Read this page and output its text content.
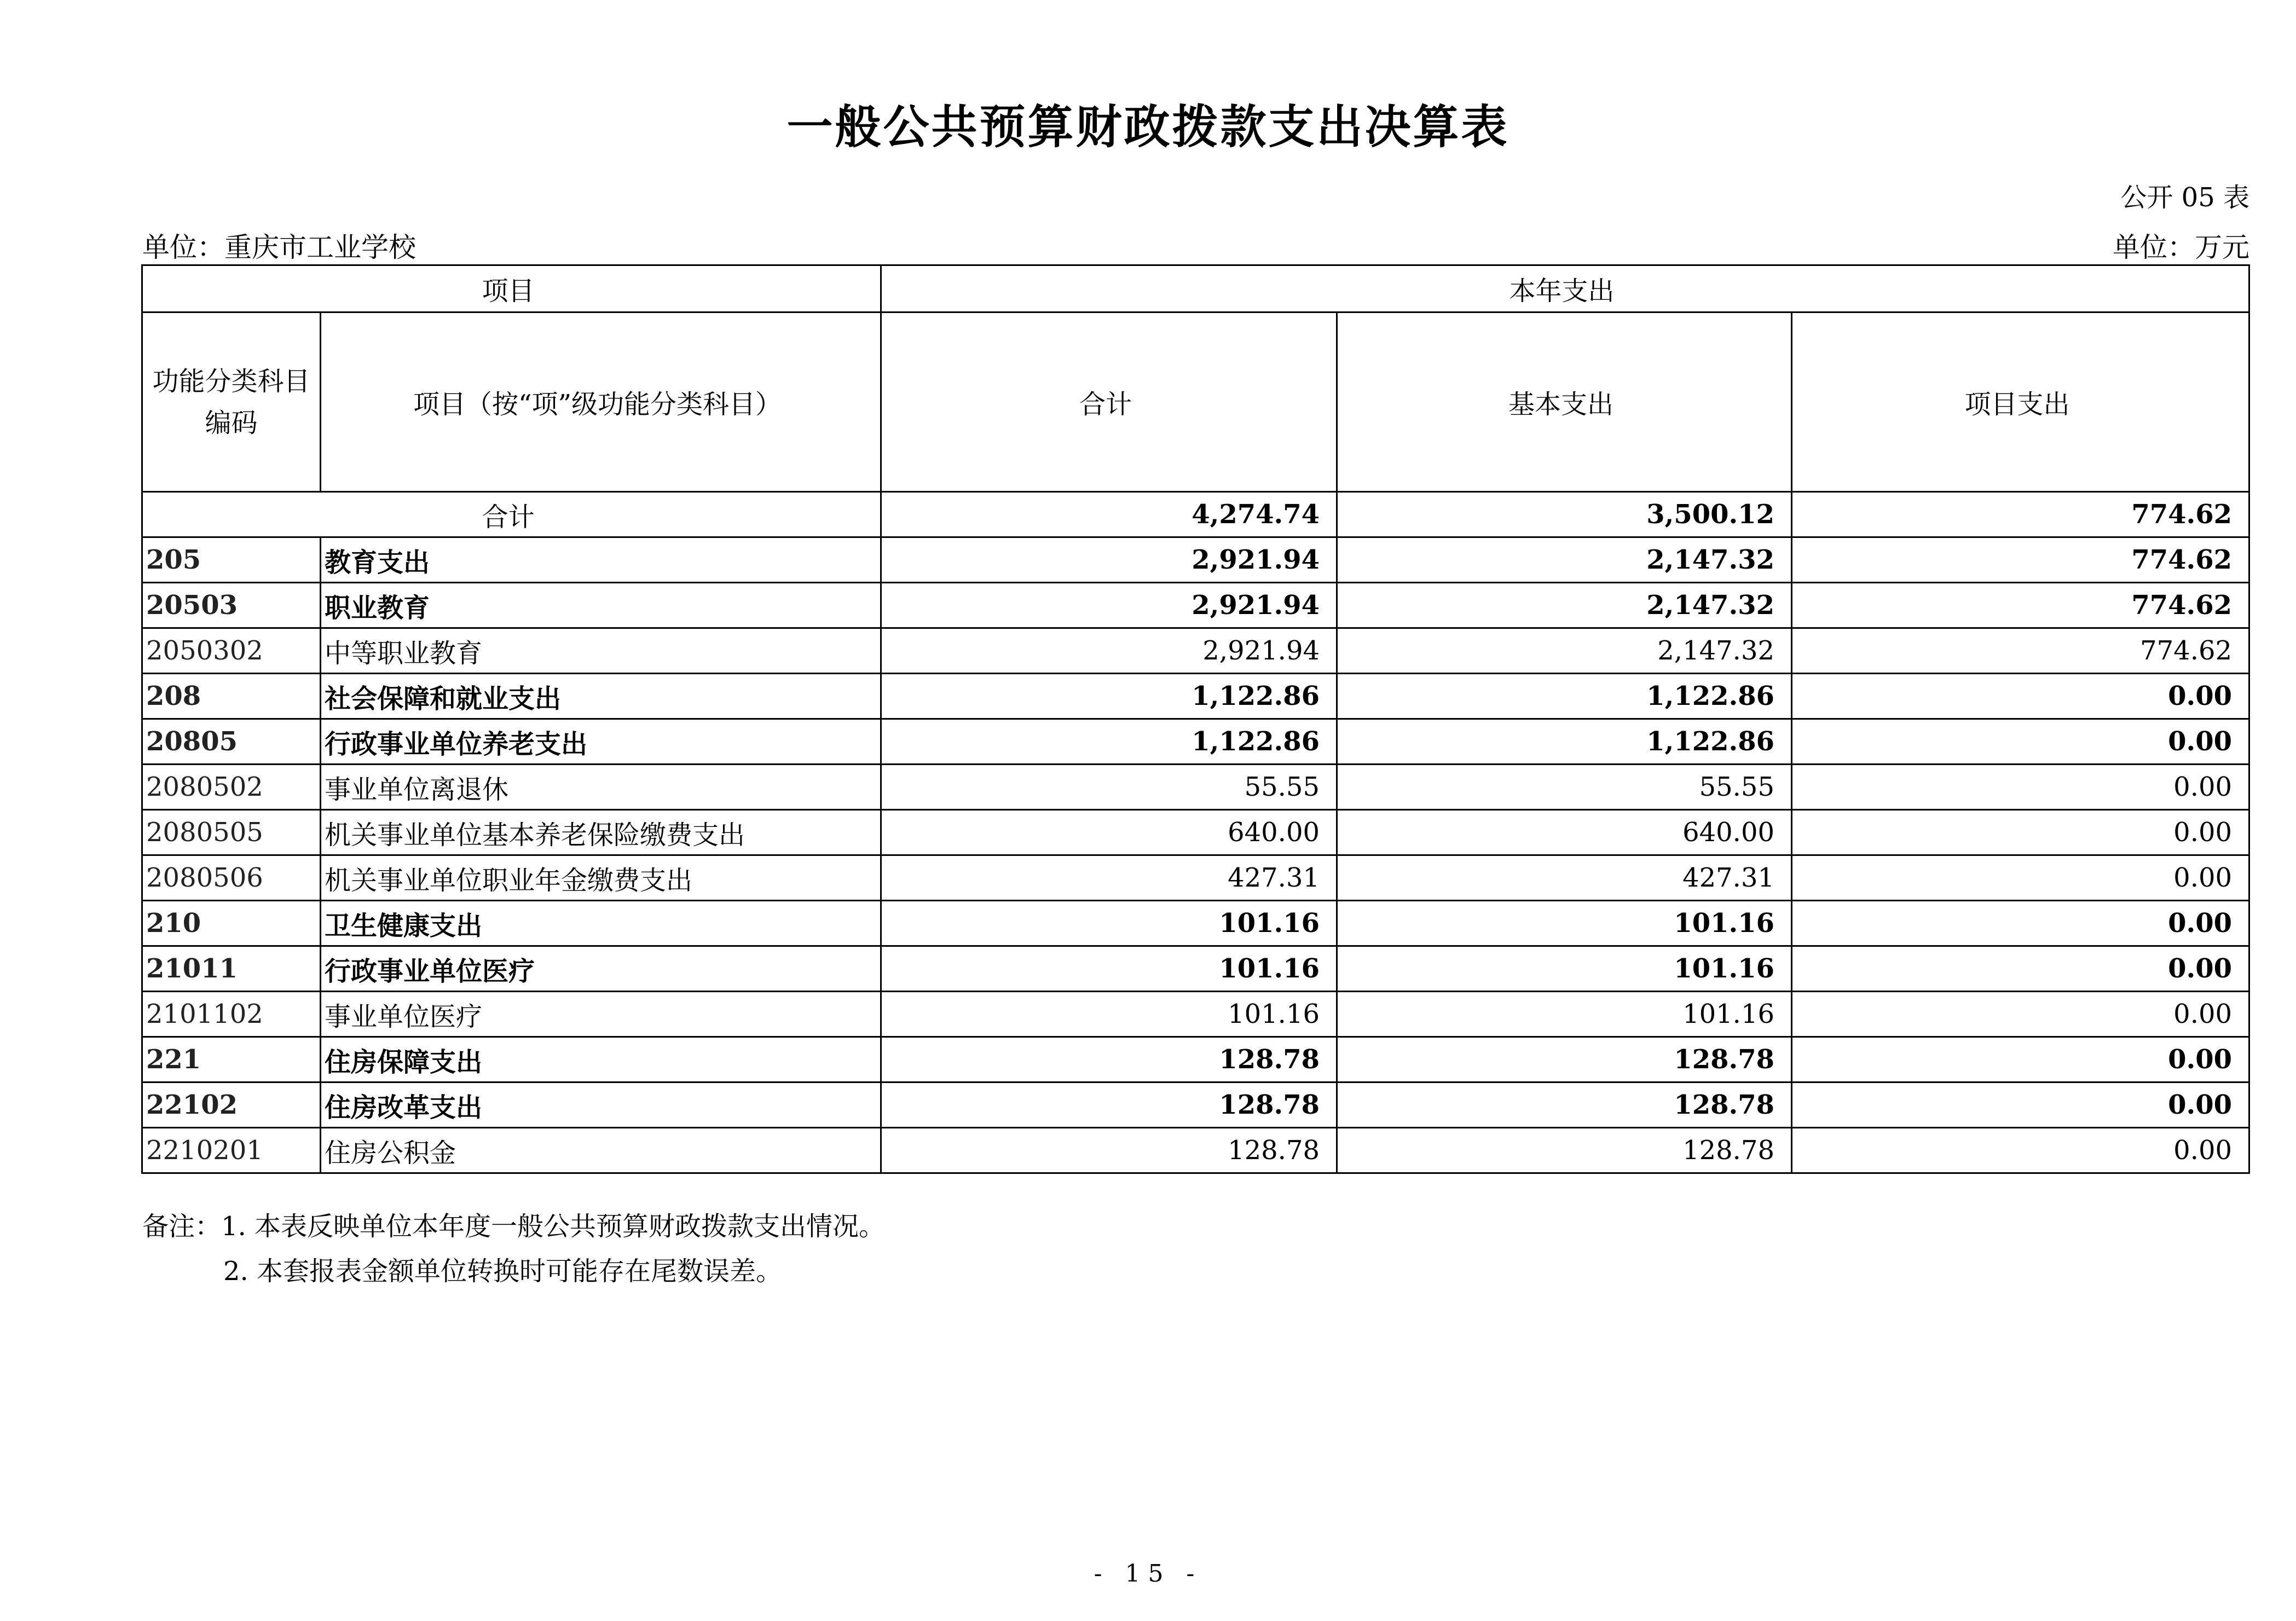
一般公共预算财政拨款支出决算表
公开 05 表
单位：重庆市工业学校	单位：万元
项目		本年支出		
功能分类科目编码	项目（按“项”级功能分类科目）	合计	基本支出	项目支出
合计		4,274.74	3,500.12	774.62
205	教育支出	2,921.94	2,147.32	774.62
20503	职业教育	2,921.94	2,147.32	774.62
2050302	中等职业教育	2,921.94	2,147.32	774.62
208	社会保障和就业支出	1,122.86	1,122.86	0.00
20805	行政事业单位养老支出	1,122.86	1,122.86	0.00
2080502	事业单位离退休	55.55	55.55	0.00
2080505	机关事业单位基本养老保险缴费支出	640.00	640.00	0.00
2080506	机关事业单位职业年金缴费支出	427.31	427.31	0.00
210	卫生健康支出	101.16	101.16	0.00
21011	行政事业单位医疗	101.16	101.16	0.00
2101102	事业单位医疗	101.16	101.16	0.00
221	住房保障支出	128.78	128.78	0.00
22102	住房改革支出	128.78	128.78	0.00
2210201	住房公积金	128.78	128.78	0.00
备注：1. 本表反映单位本年度一般公共预算财政拨款支出情况。
2. 本套报表金额单位转换时可能存在尾数误差。
- 15 -
